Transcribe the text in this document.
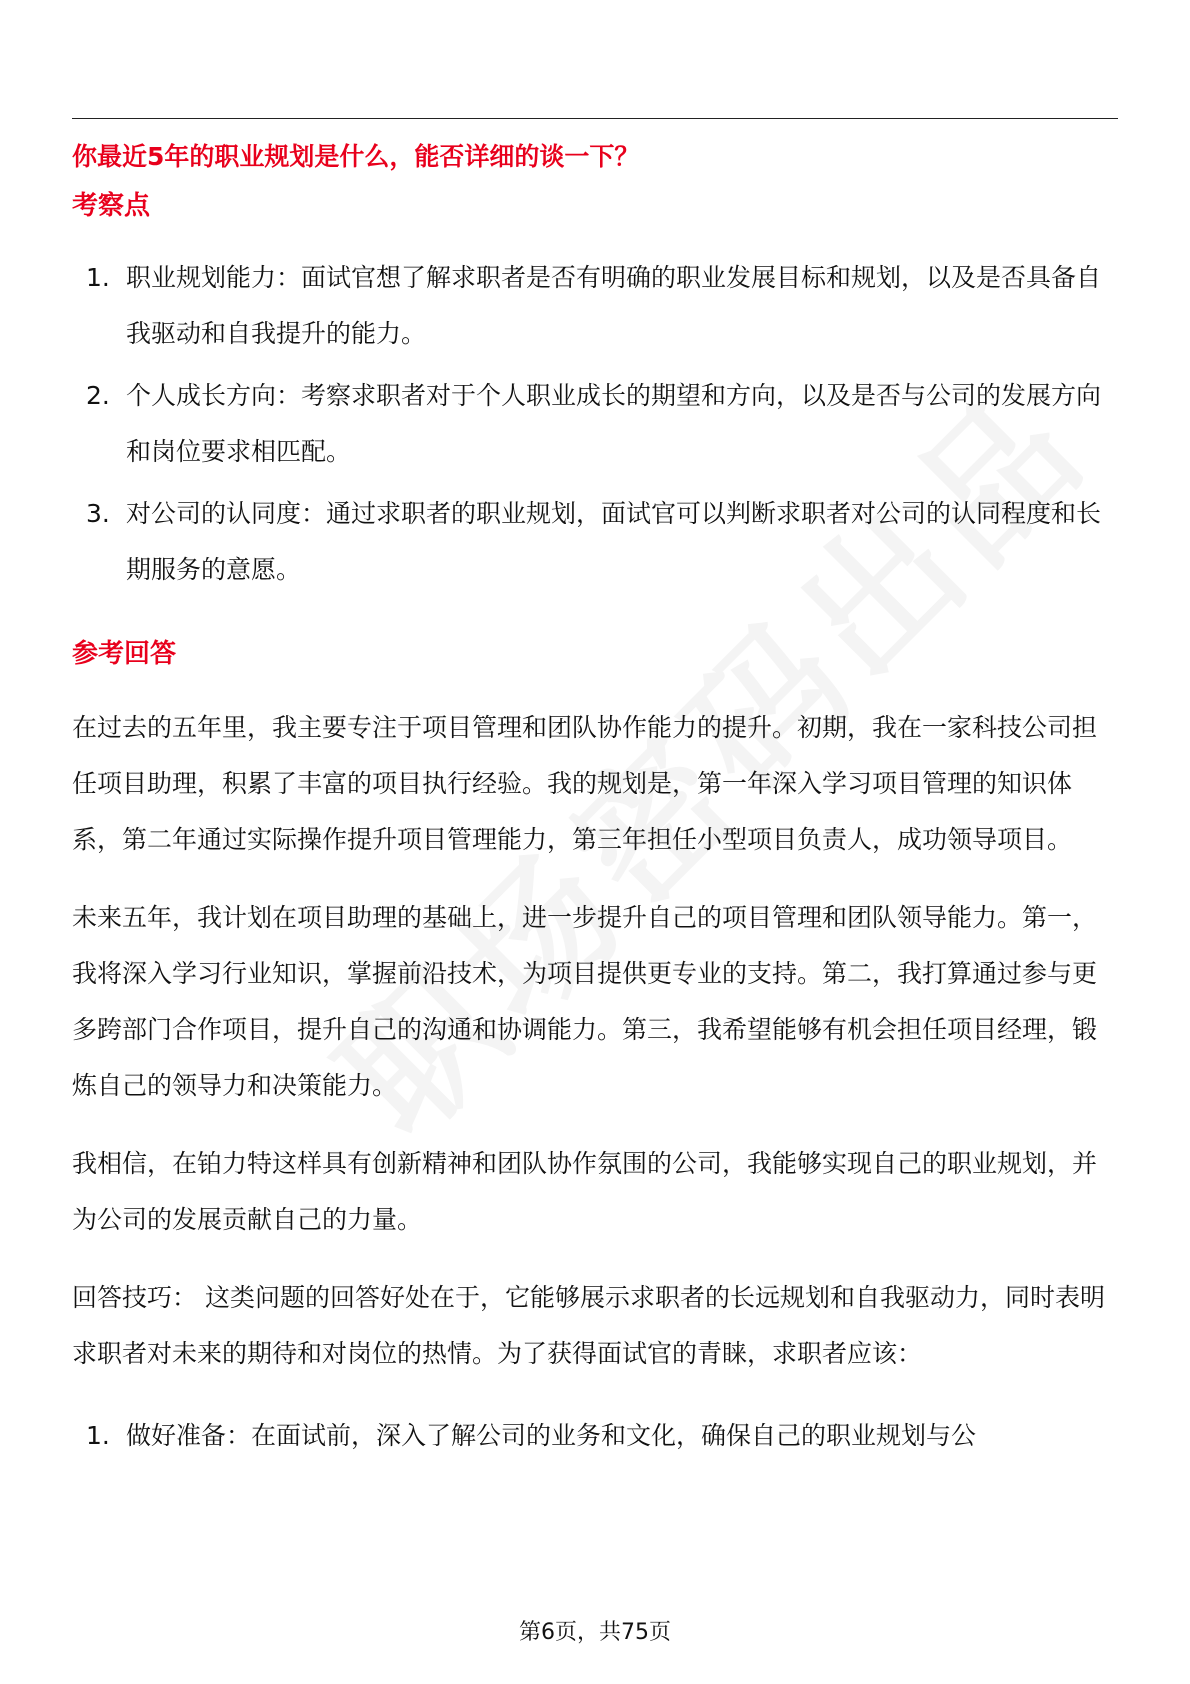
你最近5年的职业规划是什么，能否详细的谈一下？
考察点
1. 职业规划能力：面试官想了解求职者是否有明确的职业发展目标和规划，以及是否具备自我驱动和自我提升的能力。
2. 个人成长方向：考察求职者对于个人职业成长的期望和方向，以及是否与公司的发展方向和岗位要求相匹配。
3. 对公司的认同度：通过求职者的职业规划，面试官可以判断求职者对公司的认同程度和长期服务的意愿。
参考回答

在过去的五年里，我主要专注于项目管理和团队协作能力的提升。初期，我在一家科技公司担任项目助理，积累了丰富的项目执行经验。我的规划是，第一年深入学习项目管理的知识体系，第二年通过实际操作提升项目管理能力，第三年担任小型项目负责人，成功领导项目。

未来五年，我计划在项目助理的基础上，进一步提升自己的项目管理和团队领导能力。第一，我将深入学习行业知识，掌握前沿技术，为项目提供更专业的支持。第二，我打算通过参与更多跨部门合作项目，提升自己的沟通和协调能力。第三，我希望能够有机会担任项目经理，锻炼自己的领导力和决策能力。

我相信，在铂力特这样具有创新精神和团队协作氛围的公司，我能够实现自己的职业规划，并为公司的发展贡献自己的力量。

回答技巧： 这类问题的回答好处在于，它能够展示求职者的长远规划和自我驱动力，同时表明求职者对未来的期待和对岗位的热情。为了获得面试官的青睐，求职者应该：

1. 做好准备：在面试前，深入了解公司的业务和文化，确保自己的职业规划与公
第6页，共75页
